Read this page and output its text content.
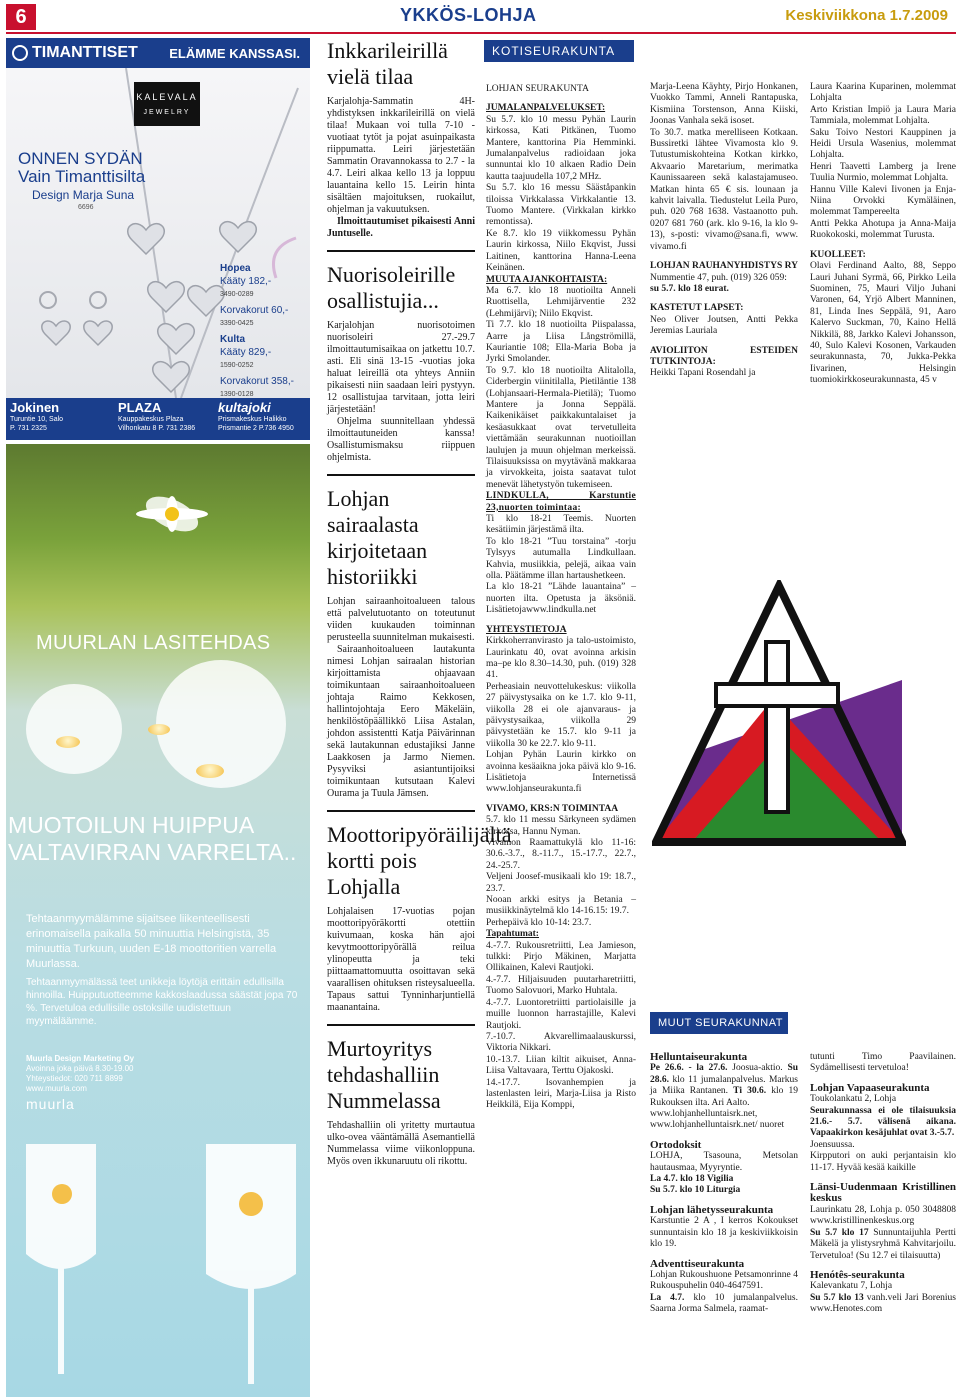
6	YKKÖS-LOHJA	Keskiviikkona 1.7.2009
TIMANTTISET ELÄMME KANSSASI.
KALEVALA
JEWELRY
ONNEN SYDÄN
Vain Timanttisilta
Design Marja Suna
6696
Hopea
Kääty 182,-
3490-0289
Korvakorut 60,-
3390-0425
Kulta
Kääty 829,-
1590-0252
Korvakorut 358,-
1390-0128
Jokinen
Turuntie 10, Salo
P. 731 2325
PLAZA
Kauppakeskus Plaza
Vilhonkatu 8 P. 731 2386
kultajoki
Prismakeskus Halikko
Prismantie 2 P.736 4950
MUURLAN LASITEHDAS
MUOTOILUN HUIPPUA
VALTAVIRRAN VARRELTA..
Tehtaanmyymälämme sijaitsee liikenteellisesti erinomaisella paikalla 50 minuuttia Helsingistä, 35 minuuttia Turkuun, uuden E-18 moottoritien varrella Muurlassa.
Tehtaanmyymälässä teet unikkeja löytöjä erittäin edullisilla hinnoilla. Huipputuotteemme kakkoslaadussa säästät jopa 70 %. Tervetuloa edullisille ostoksille uudistettuun myymäläämme.
Muurla Design Marketing Oy
Avoinna joka päivä 8.30-19.00
Yhteystiedot: 020 711 8899
www.muurla.com
muurla
Inkkarileirillä vielä tilaa

Karjalohja-Sammatin 4H-yhdistyksen inkkarileirillä on vielä tilaa! Mukaan voi tulla 7-10 -vuotiaat tytöt ja pojat asuinpaikasta riippumatta. Leiri järjestetään Sammatin Oravannokassa to 2.7 - la 4.7. Leiri alkaa kello 13 ja loppuu lauantaina kello 15. Leirin hinta sisältäen majoituksen, ruokailut, ohjelman ja vakuutuksen.

Ilmoittautumiset pikaisesti Anni Juntuselle.

Nuorisoleirille osallistujia...

Karjalohjan nuorisotoimen nuorisoleiri 27.-29.7 ilmoittautumisaikaa on jatkettu 10.7. asti. Eli sinä 13-15 -vuotias joka haluat leireillä ota yhteys Anniin pikaisesti niin saadaan leiri pystyyn. 12 osallistujaa tarvitaan, jotta leiri järjestetään!

Ohjelma suunnitellaan yhdessä ilmoittautuneiden kanssa! Osallistumismaksu riippuen ohjelmista.

Lohjan sairaalasta kirjoitetaan historiikki

Lohjan sairaanhoitoalueen talous että palvelutuotanto on toteutunut viiden kuukauden toiminnan perusteella suunnitelman mukaisesti.

Sairaanhoitoalueen lautakunta nimesi Lohjan sairaalan historian kirjoittamista ohjaavaan toimikuntaan sairaanhoitoalueen johtaja Raimo Kekkosen, hallintojohtaja Eero Mäkeläin, henkilöstöpäällikkö Liisa Astalan, johdon assistentti Katja Päivärinnan sekä lautakunnan edustajiksi Janne Laakkosen ja Jarmo Niemen. Pysyviksi asiantuntijoiksi toimikuntaan kutsutaan Kalevi Ourama ja Tuula Jämsen.

Moottoripyöräilijältä kortti pois Lohjalla

Lohjalaisen 17-vuotias pojan moottoripyöräkortti otettiin kuivumaan, koska hän ajoi kevytmoottoripyörällä reilua ylinopeutta ja teki piittaamattomuutta osoittavan sekä vaarallisen ohituksen risteysalueella. Tapaus sattui Tynninharjuntiellä maanantaina.

Murtoyritys tehdashalliin Nummelassa

Tehdashalliin oli yritetty murtautua ulko-ovea vääntämällä Asemantiellä Nummelassa viime viikonloppuna. Myös oven ikkunaruutu oli rikottu.

KOTISEURAKUNTA

LOHJAN SEURAKUNTA

JUMALANPALVELUKSET:

Su 5.7. klo 10 messu Pyhän Laurin kirkossa, Kati Pitkänen, Tuomo Mantere, kanttorina Pia Hemminki. Jumalanpalvelus radioidaan joka sunnuntai klo 10 alkaen Radio Dein kautta taajuudella 107,2 MHz.

Su 5.7. klo 16 messu Sääståpankin tiloissa Virkkalassa Virkkalantie 13. Tuomo Mantere. (Virkkalan kirkko remontissa).

Ke 8.7. klo 19 viikkomessu Pyhän Laurin kirkossa, Niilo Ekqvist, Jussi Laitinen, kanttorina Hanna-Leena Keinänen.

MUUTA AJANKOHTAISTA:

Ma 6.7. klo 18 nuotioilta Anneli Ruottisella, Lehmijärventie 232 (Lehmijärvi); Niilo Ekqvist.

Ti 7.7. klo 18 nuotioilta Piispalassa, Aarre ja Liisa Långströmillä, Kauriantie 108; Ella-Maria Boba ja Jyrki Smolander.

To 9.7. klo 18 nuotioilta Alitalolla, Ciderbergin viinitilalla, Pietiläntie 138 (Lohjansaari-Hermala-Pietilä); Tuomo Mantere ja Jonna Seppälä. Kaikenikäiset paikkakuntalaiset ja kesäasukkaat ovat tervetulleita viettämään seurakunnan nuotioillan laulujen ja muun ohjelman merkeissä. Tilaisuuksissa on myytävänä makkaraa ja virvokkeita, joista saatavat tulot menevät lähetystyön tukemiseen.

LINDKULLA, Karstuntie 23,nuorten toimintaa:

Ti klo 18-21 Teemis. Nuorten kesätiimin järjestämä ilta.

To klo 18-21 ”Tuu torstaina” -torju Tylsyys autumalla Lindkullaan. Kahvia, musiikkia, pelejä, aikaa vain olla. Päätämme illan hartaushetkeen.

La klo 18-21 ”Lähde lauantaina” –nuorten ilta. Opetusta ja äksöniä. Lisätietojawww.lindkulla.net

YHTEYSTIETOJA

Kirkkoherranvirasto ja talo-ustoimisto, Laurinkatu 40, ovat avoinna arkisin ma–pe klo 8.30–14.30, puh. (019) 328 41.

Perheasiain neuvottelukeskus: viikolla 27 päivystysaika on ke 1.7. klo 9-11, viikolla 28 ei ole ajanvaraus- ja päivystysaikaa, viikolla 29 päivystetään ke 15.7. klo 9-11 ja viikolla 30 ke 22.7. klo 9-11.

Lohjan Pyhän Laurin kirkko on avoinna kesäaikna joka päivä klo 9-16. Lisätietoja Internetissä www.lohjanseurakunta.fi

VIVAMO, KRS:N TOIMINTAA

5.7. klo 11 messu Särkyneen sydämen kirkossa, Hannu Nyman.

Vivamon Raamattukylä klo 11-16: 30.6.-3.7., 8.-11.7., 15.-17.7., 22.7., 24.-25.7.

Veljeni Joosef-musikaali klo 19: 18.7., 23.7.

Nooan arkki esitys ja Betania –musiikkinäytelmä klo 14-16.15: 19.7.

Perhepäivä klo 10-14: 23.7.

Tapahtumat:

4.-7.7. Rukousretriitti, Lea Jamieson, tulkki: Pirjo Mäkinen, Marjatta Ollikainen, Kalevi Rautjoki.

4.-7.7. Hiljaisuuden puutarharetriitti, Tuomo Salovuori, Marko Huhtala.

4.-7.7. Luontoretriitti partiolaisille ja muille luonnon harrastajille, Kalevi Rautjoki.

7.-10.7. Akvarellimaalauskurssi, Viktoria Nikkari.

10.-13.7. Liian kiltit aikuiset, Anna-Liisa Valtavaara, Terttu Ojakoski.

14.-17.7. Isovanhempien ja lastenlasten leiri, Marja-Liisa ja Risto Heikkilä, Eija Komppi,

Marja-Leena Käyhty, Pirjo Honkanen, Vuokko Tammi, Anneli Rantapuska, Kismiina Torstenson, Anna Kiiski, Joonas Vanhala sekä isoset.

To 30.7. matka merelliseen Kotkaan. Bussiretki lähtee Vivamosta klo 9. Tutustumiskohteina Kotkan kirkko, Akvaario Maretarium, merimatka Kaunissaareen sekä kalastajamuseo. Matkan hinta 65 € sis. lounaan ja kahvit laivalla. Tiedustelut Leila Puro, puh. 020 768 1638. Vastaanotto puh. 0207 681 760 (ark. klo 9-16, la klo 9-13), s-posti: vivamo@sana.fi, www. vivamo.fi

LOHJAN RAUHANYHDISTYS RY

Nummentie 47, puh. (019) 326 059:

su 5.7. klo 18 eurat.

KASTETUT LAPSET:

Neo Oliver Joutsen, Antti Pekka Jeremias Lauriala

AVIOLIITON ESTEIDEN TUTKINTOJA:

Heikki Tapani Rosendahl ja

Laura Kaarina Kuparinen, molemmat Lohjalta

Arto Kristian Impiö ja Laura Maria Tammiala, molemmat Lohjalta.

Saku Toivo Nestori Kauppinen ja Heidi Ursula Wasenius, molemmat Lohjalta.

Henri Taavetti Lamberg ja Irene Tuulia Nurmio, molemmat Lohjalta.

Hannu Ville Kalevi Iivonen ja Enja-Niina Orvokki Kymäläinen, molemmat Tampereelta

Antti Pekka Ahotupa ja Anna-Maija Ruokokoski, molemmat Turusta.

KUOLLEET:

Olavi Ferdinand Aalto, 88, Seppo Lauri Juhani Syrmä, 66, Pirkko Leila Suominen, 75, Mauri Viljo Juhani Varonen, 64, Yrjö Albert Manninen, 81, Linda Ines Seppälä, 91, Aaro Kalervo Suckman, 70, Kaino Hellä Nikkilä, 88, Jarkko Kalevi Johansson, 40, Sulo Kalevi Kosonen, Varkauden seurakunnasta, 70, Jukka-Pekka Iivarinen, Helsingin tuomiokirkkoseurakunnasta, 45 v

MUUT SEURAKUNNAT

Helluntaiseurakunta

Pe 26.6. - la 27.6. Joosua-aktio. Su 28.6. klo 11 jumalanpalvelus. Markus ja Miika Rantanen. Ti 30.6. klo 19 Rukouksen ilta. Ari Aalto.

www.lohjanhelluntaisrk.net, www.lohjanhelluntaisrk.net/ nuoret

Ortodoksit

LOHJA, Tsasouna, Metsolan hautausmaa, Myyryntie.

La 4.7. klo 18 Vigilia

Su 5.7. klo 10 Liturgia

Lohjan lähetysseurakunta

Karstuntie 2 A , I kerros Kokoukset sunnuntaisin klo 18 ja keskiviikkoisin klo 19.

Adventtiseurakunta

Lohjan Rukoushuone Petsamonrinne 4 Rukouspuhelin 040-4647591.

La 4.7. klo 10 jumalanpalvelus. Saarna Jorma Salmela, raamat-

tutunti Timo Paavilainen. Sydämellisesti tervetuloa!

Lohjan Vapaaseurakunta

Toukolankatu 2, Lohja

Seurakunnassa ei ole tilaisuuksia 21.6.- 5.7. välisenä aikana. Vapaakirkon kesäjuhlat ovat 3.-5.7.

Joensuussa.

Kirpputori on auki perjantaisin klo 11-17. Hyvää kesää kaikille

Länsi-Uudenmaan Kristillinen keskus

Laurinkatu 28, Lohja p. 050 3048808 www.kristillinenkeskus.org

Su 5.7 klo 17 Sunnuntaijuhla Pertti Mäkelä ja ylistysryhmä Kahvitarjoilu. Tervetuloa! (Su 12.7 ei tilaisuutta)

Henótês-seurakunta

Kalevankatu 7, Lohja

Su 5.7 klo 13 vanh.veli Jari Borenius www.Henotes.com
